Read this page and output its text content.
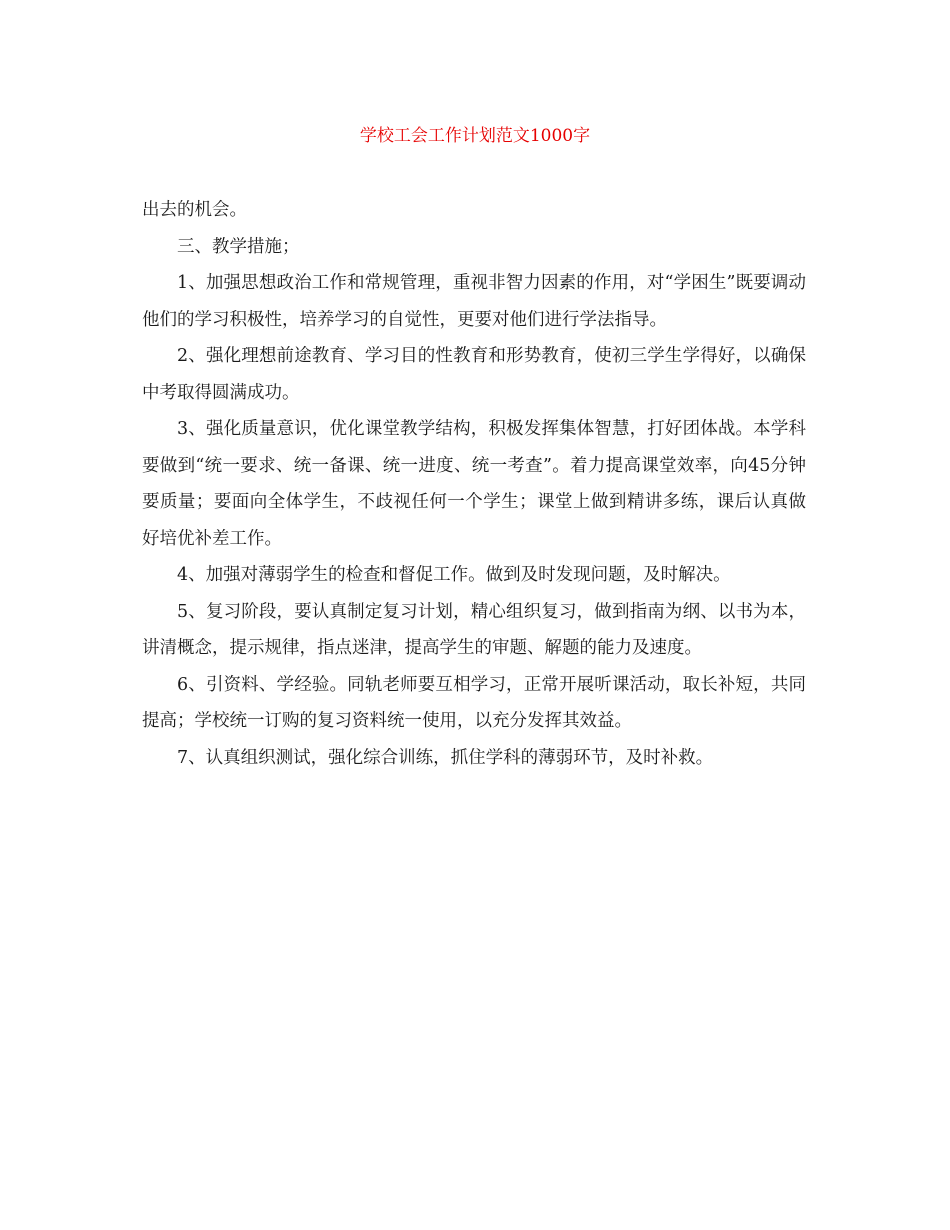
学校工会工作计划范文1000字

出去的机会。

三、教学措施；

1、加强思想政治工作和常规管理，重视非智力因素的作用，对“学困生”既要调动他们的学习积极性，培养学习的自觉性，更要对他们进行学法指导。

2、强化理想前途教育、学习目的性教育和形势教育，使初三学生学得好，以确保中考取得圆满成功。

3、强化质量意识，优化课堂教学结构，积极发挥集体智慧，打好团体战。本学科要做到“统一要求、统一备课、统一进度、统一考查”。着力提高课堂效率，向45分钟要质量；要面向全体学生，不歧视任何一个学生；课堂上做到精讲多练，课后认真做好培优补差工作。

4、加强对薄弱学生的检查和督促工作。做到及时发现问题，及时解决。

5、复习阶段，要认真制定复习计划，精心组织复习，做到指南为纲、以书为本，讲清概念，提示规律，指点迷津，提高学生的审题、解题的能力及速度。

6、引资料、学经验。同轨老师要互相学习，正常开展听课活动，取长补短，共同提高；学校统一订购的复习资料统一使用，以充分发挥其效益。

7、认真组织测试，强化综合训练，抓住学科的薄弱环节，及时补救。
